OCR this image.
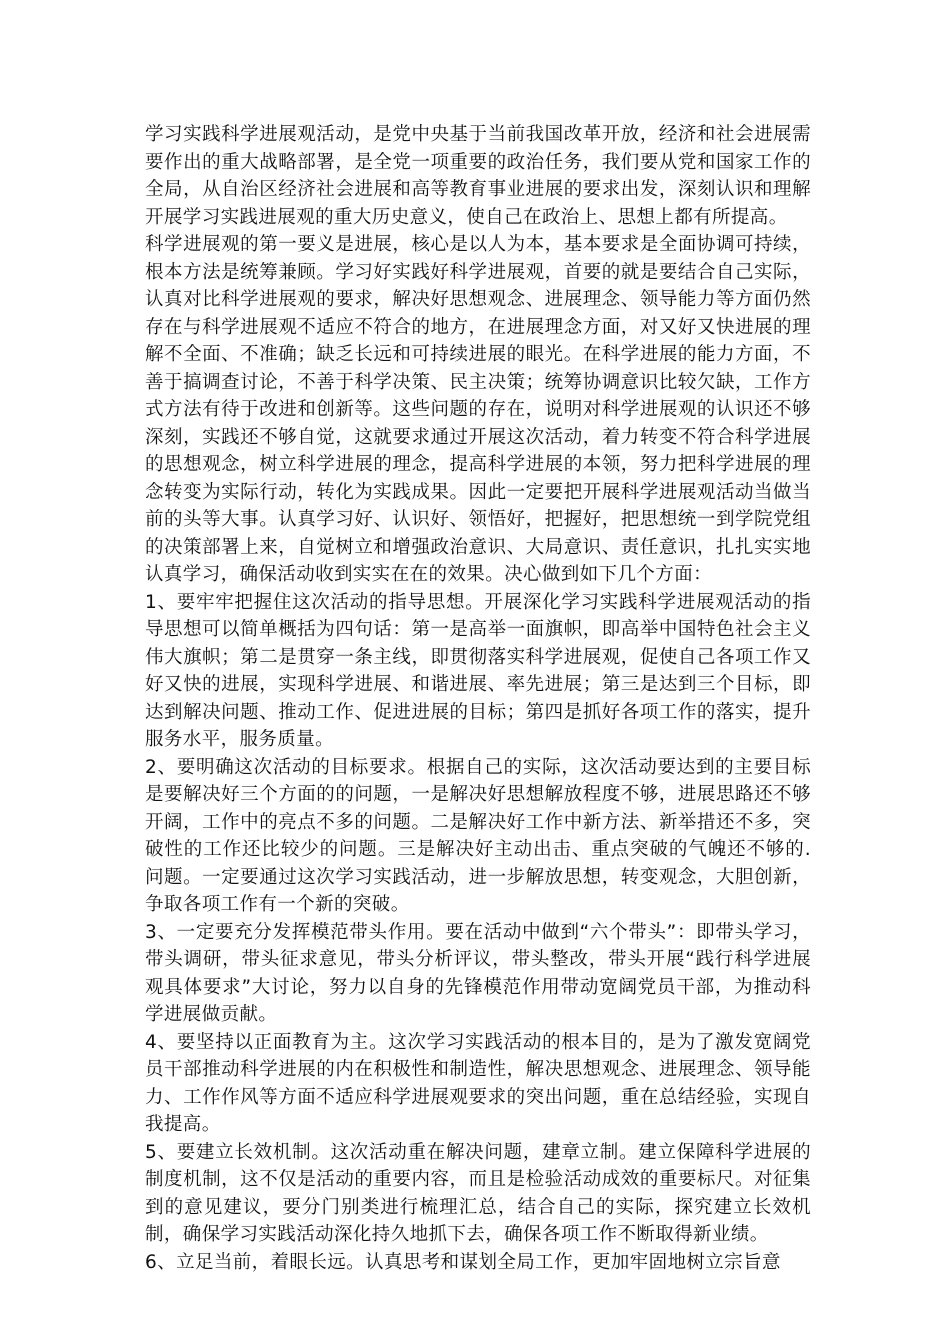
学习实践科学进展观活动，是党中央基于当前我国改革开放，经济和社会进展需要作出的重大战略部署，是全党一项重要的政治任务，我们要从党和国家工作的全局，从自治区经济社会进展和高等教育事业进展的要求出发，深刻认识和理解开展学习实践进展观的重大历史意义，使自己在政治上、思想上都有所提高。

科学进展观的第一要义是进展，核心是以人为本，基本要求是全面协调可持续，根本方法是统筹兼顾。学习好实践好科学进展观，首要的就是要结合自己实际，认真对比科学进展观的要求，解决好思想观念、进展理念、领导能力等方面仍然存在与科学进展观不适应不符合的地方，在进展理念方面，对又好又快进展的理解不全面、不准确；缺乏长远和可持续进展的眼光。在科学进展的能力方面，不善于搞调查讨论，不善于科学决策、民主决策；统筹协调意识比较欠缺，工作方式方法有待于改进和创新等。这些问题的存在，说明对科学进展观的认识还不够深刻，实践还不够自觉，这就要求通过开展这次活动，着力转变不符合科学进展的思想观念，树立科学进展的理念，提高科学进展的本领，努力把科学进展的理念转变为实际行动，转化为实践成果。因此一定要把开展科学进展观活动当做当前的头等大事。认真学习好、认识好、领悟好，把握好，把思想统一到学院党组的决策部署上来，自觉树立和增强政治意识、大局意识、责任意识，扎扎实实地认真学习，确保活动收到实实在在的效果。决心做到如下几个方面：

1、要牢牢把握住这次活动的指导思想。开展深化学习实践科学进展观活动的指导思想可以简单概括为四句话：第一是高举一面旗帜，即高举中国特色社会主义伟大旗帜；第二是贯穿一条主线，即贯彻落实科学进展观，促使自己各项工作又好又快的进展，实现科学进展、和谐进展、率先进展；第三是达到三个目标，即达到解决问题、推动工作、促进进展的目标；第四是抓好各项工作的落实，提升服务水平，服务质量。

2、要明确这次活动的目标要求。根据自己的实际，这次活动要达到的主要目标是要解决好三个方面的的问题，一是解决好思想解放程度不够，进展思路还不够开阔，工作中的亮点不多的问题。二是解决好工作中新方法、新举措还不多，突破性的工作还比较少的问题。三是解决好主动出击、重点突破的气魄还不够的.问题。一定要通过这次学习实践活动，进一步解放思想，转变观念，大胆创新，争取各项工作有一个新的突破。

3、一定要充分发挥模范带头作用。要在活动中做到“六个带头”：即带头学习，带头调研，带头征求意见，带头分析评议，带头整改，带头开展“践行科学进展观具体要求”大讨论，努力以自身的先锋模范作用带动宽阔党员干部，为推动科学进展做贡献。

4、要坚持以正面教育为主。这次学习实践活动的根本目的，是为了激发宽阔党员干部推动科学进展的内在积极性和制造性，解决思想观念、进展理念、领导能力、工作作风等方面不适应科学进展观要求的突出问题，重在总结经验，实现自我提高。

5、要建立长效机制。这次活动重在解决问题，建章立制。建立保障科学进展的制度机制，这不仅是活动的重要内容，而且是检验活动成效的重要标尺。对征集到的意见建议，要分门别类进行梳理汇总，结合自己的实际，探究建立长效机制，确保学习实践活动深化持久地抓下去，确保各项工作不断取得新业绩。

6、立足当前，着眼长远。认真思考和谋划全局工作，更加牢固地树立宗旨意
